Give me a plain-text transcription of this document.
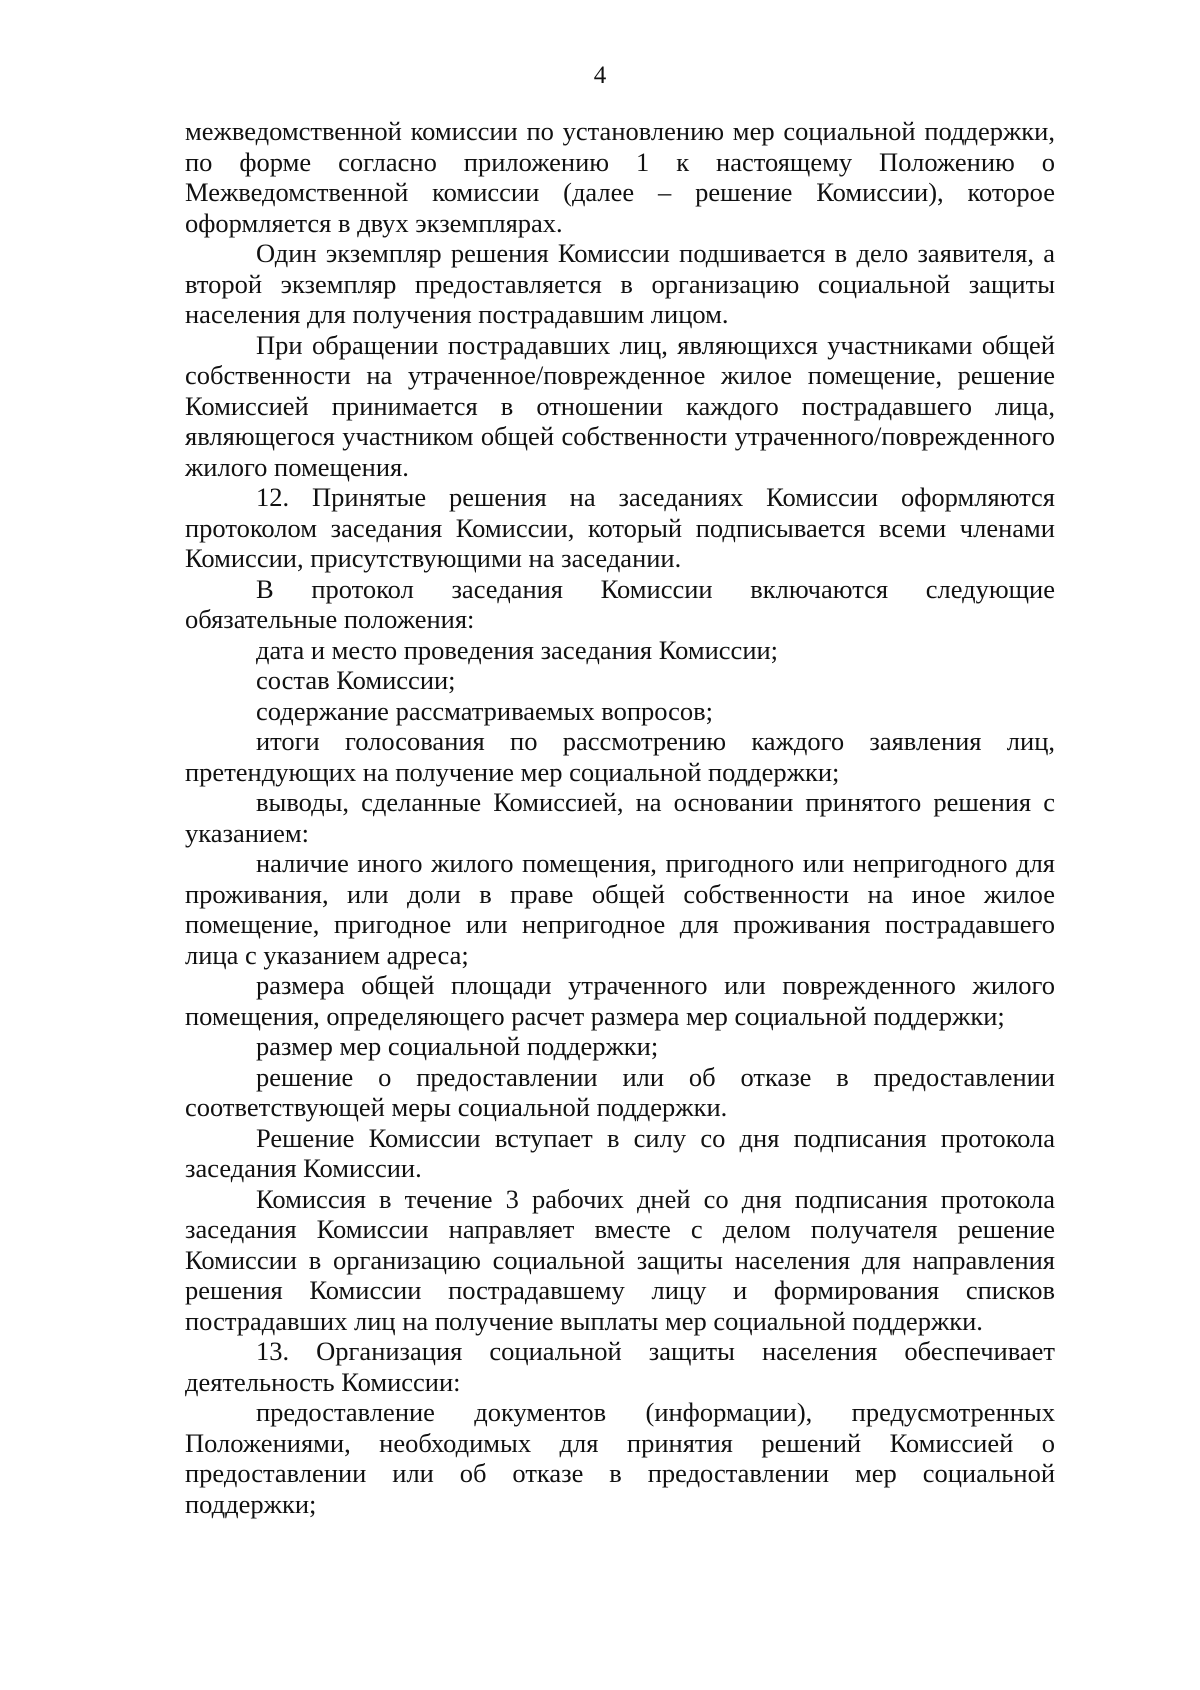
4

межведомственной комиссии по установлению мер социальной поддержки, по форме согласно приложению 1 к настоящему Положению о Межведомственной комиссии (далее – решение Комиссии), которое оформляется в двух экземплярах.

Один экземпляр решения Комиссии подшивается в дело заявителя, а второй экземпляр предоставляется в организацию социальной защиты населения для получения пострадавшим лицом.

При обращении пострадавших лиц, являющихся участниками общей собственности на утраченное/поврежденное жилое помещение, решение Комиссией принимается в отношении каждого пострадавшего лица, являющегося участником общей собственности утраченного/поврежденного жилого помещения.

12. Принятые решения на заседаниях Комиссии оформляются протоколом заседания Комиссии, который подписывается всеми членами Комиссии, присутствующими на заседании.

В протокол заседания Комиссии включаются следующие обязательные положения:

дата и место проведения заседания Комиссии;

состав Комиссии;

содержание рассматриваемых вопросов;

итоги голосования по рассмотрению каждого заявления лиц, претендующих на получение мер социальной поддержки;

выводы, сделанные Комиссией, на основании принятого решения с указанием:

наличие иного жилого помещения, пригодного или непригодного для проживания, или доли в праве общей собственности на иное жилое помещение, пригодное или непригодное для проживания пострадавшего лица с указанием адреса;

размера общей площади утраченного или поврежденного жилого помещения, определяющего расчет размера мер социальной поддержки;

размер мер социальной поддержки;

решение о предоставлении или об отказе в предоставлении соответствующей меры социальной поддержки.

Решение Комиссии вступает в силу со дня подписания протокола заседания Комиссии.

Комиссия в течение 3 рабочих дней со дня подписания протокола заседания Комиссии направляет вместе с делом получателя решение Комиссии в организацию социальной защиты населения для направления решения Комиссии пострадавшему лицу и формирования списков пострадавших лиц на получение выплаты мер социальной поддержки.

13. Организация социальной защиты населения обеспечивает деятельность Комиссии:

предоставление документов (информации), предусмотренных Положениями, необходимых для принятия решений Комиссией о предоставлении или об отказе в предоставлении мер социальной поддержки;
